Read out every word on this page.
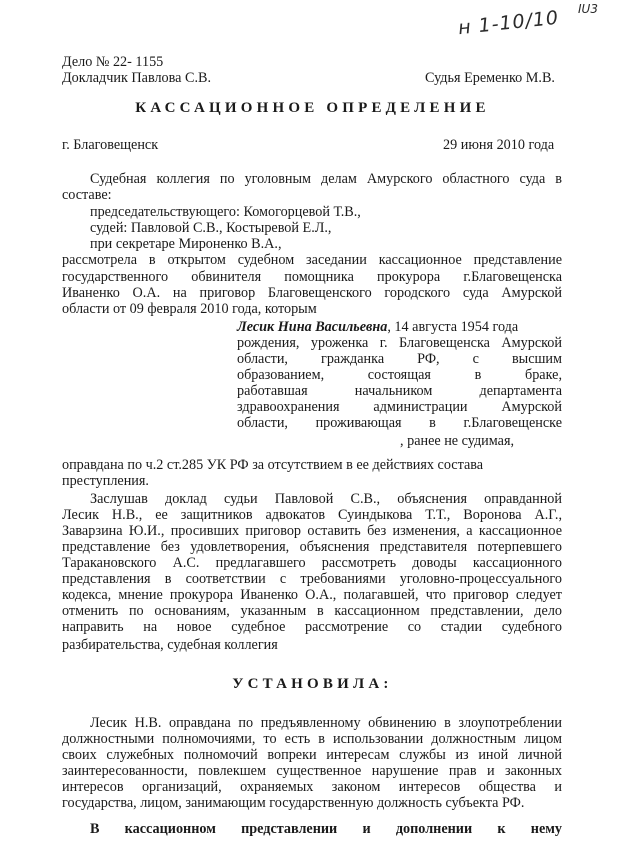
н 1-10/10 IU3
Дело № 22- 1155
Докладчик Павлова С.В.	Судья Еременко М.В.
КАССАЦИОННОЕ ОПРЕДЕЛЕНИЕ
г. Благовещенск	29 июня 2010 года
Судебная коллегия по уголовным делам Амурского областного суда в
составе:
председательствующего: Комогорцевой Т.В.,
судей: Павловой С.В., Костыревой Е.Л.,
при секретаре Мироненко В.А.,
рассмотрела в открытом судебном заседании кассационное представление
государственного обвинителя помощника прокурора г.Благовещенска
Иваненко О.А. на приговор Благовещенского городского суда Амурской
области от 09 февраля 2010 года, которым
Лесик Нина Васильевна, 14 августа 1954 года
рождения, уроженка г. Благовещенска Амурской
области, гражданка РФ, с высшим
образованием, состоящая в браке,
работавшая начальником департамента
здравоохранения администрации Амурской
области, проживающая в г.Благовещенске
, ранее не судимая,
оправдана по ч.2 ст.285 УК РФ за отсутствием в ее действиях состава
преступления.
Заслушав доклад судьи Павловой С.В., объяснения оправданной
Лесик Н.В., ее защитников адвокатов Суиндыкова Т.Т., Воронова А.Г.,
Заварзина Ю.И., просивших приговор оставить без изменения, а кассационное
представление без удовлетворения, объяснения представителя потерпевшего
Таракановского А.С. предлагавшего рассмотреть доводы кассационного
представления в соответствии с требованиями уголовно-процессуального
кодекса, мнение прокурора Иваненко О.А., полагавшей, что приговор следует
отменить по основаниям, указанным в кассационном представлении, дело
направить на новое судебное рассмотрение со стадии судебного
разбирательства, судебная коллегия
УСТАНОВИЛА:
Лесик Н.В. оправдана по предъявленному обвинению в злоупотреблении
должностными полномочиями, то есть в использовании должностным лицом
своих служебных полномочий вопреки интересам службы из иной личной
заинтересованности, повлекшем существенное нарушение прав и законных
интересов организаций, охраняемых законом интересов общества и
государства, лицом, занимающим государственную должность субъекта РФ.
В кассационном представлении и дополнении к нему
